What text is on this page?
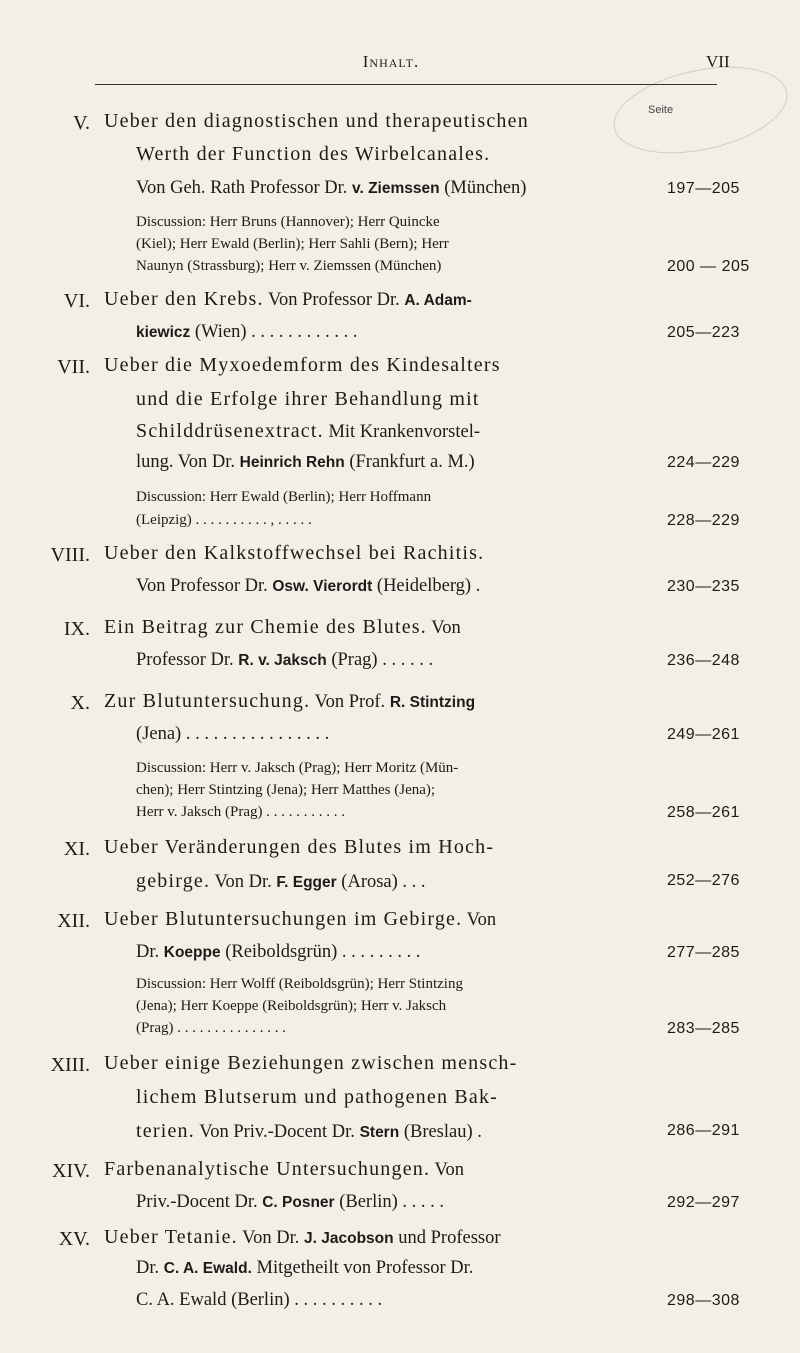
Inhalt.	VII
Seite
V. Ueber den diagnostischen und therapeutischen
Werth der Function des Wirbelcanales.
Von Geh. Rath Professor Dr. v. Ziemssen (München)	197—205
Discussion: Herr Bruns (Hannover); Herr Quincke
(Kiel); Herr Ewald (Berlin); Herr Sahli (Bern); Herr
Naunyn (Strassburg); Herr v. Ziemssen (München)	200 — 205
VI. Ueber den Krebs. Von Professor Dr. A. Adam-
kiewicz (Wien) . . . . . . . . . . . .	205—223
VII. Ueber die Myxoedemform des Kindesalters
und die Erfolge ihrer Behandlung mit
Schilddrüsenextract. Mit Krankenvorstel-
lung. Von Dr. Heinrich Rehn (Frankfurt a. M.)	224—229
Discussion: Herr Ewald (Berlin); Herr Hoffmann
(Leipzig) . . . . . . . . . . , . . . . .	228—229
VIII. Ueber den Kalkstoffwechsel bei Rachitis.
Von Professor Dr. Osw. Vierordt (Heidelberg) .	230—235
IX. Ein Beitrag zur Chemie des Blutes. Von
Professor Dr. R. v. Jaksch (Prag) . . . . . .	236—248
X. Zur Blutuntersuchung. Von Prof. R. Stintzing
(Jena) . . . . . . . . . . . . . . . .	249—261
Discussion: Herr v. Jaksch (Prag); Herr Moritz (Mün-
chen); Herr Stintzing (Jena); Herr Matthes (Jena);
Herr v. Jaksch (Prag) . . . . . . . . . . .	258—261
XI. Ueber Veränderungen des Blutes im Hoch-
gebirge. Von Dr. F. Egger (Arosa) . . .	252—276
XII. Ueber Blutuntersuchungen im Gebirge. Von
Dr. Koeppe (Reiboldsgrün) . . . . . . . . .	277—285
Discussion: Herr Wolff (Reiboldsgrün); Herr Stintzing
(Jena); Herr Koeppe (Reiboldsgrün); Herr v. Jaksch
(Prag) . . . . . . . . . . . . . . .	283—285
XIII. Ueber einige Beziehungen zwischen mensch-
lichem Blutserum und pathogenen Bak-
terien. Von Priv.-Docent Dr. Stern (Breslau) .	286—291
XIV. Farbenanalytische Untersuchungen. Von
Priv.-Docent Dr. C. Posner (Berlin) . . . . .	292—297
XV. Ueber Tetanie. Von Dr. J. Jacobson und Professor
Dr. C. A. Ewald. Mitgetheilt von Professor Dr.
C. A. Ewald (Berlin) . . . . . . . . . .	298—308
